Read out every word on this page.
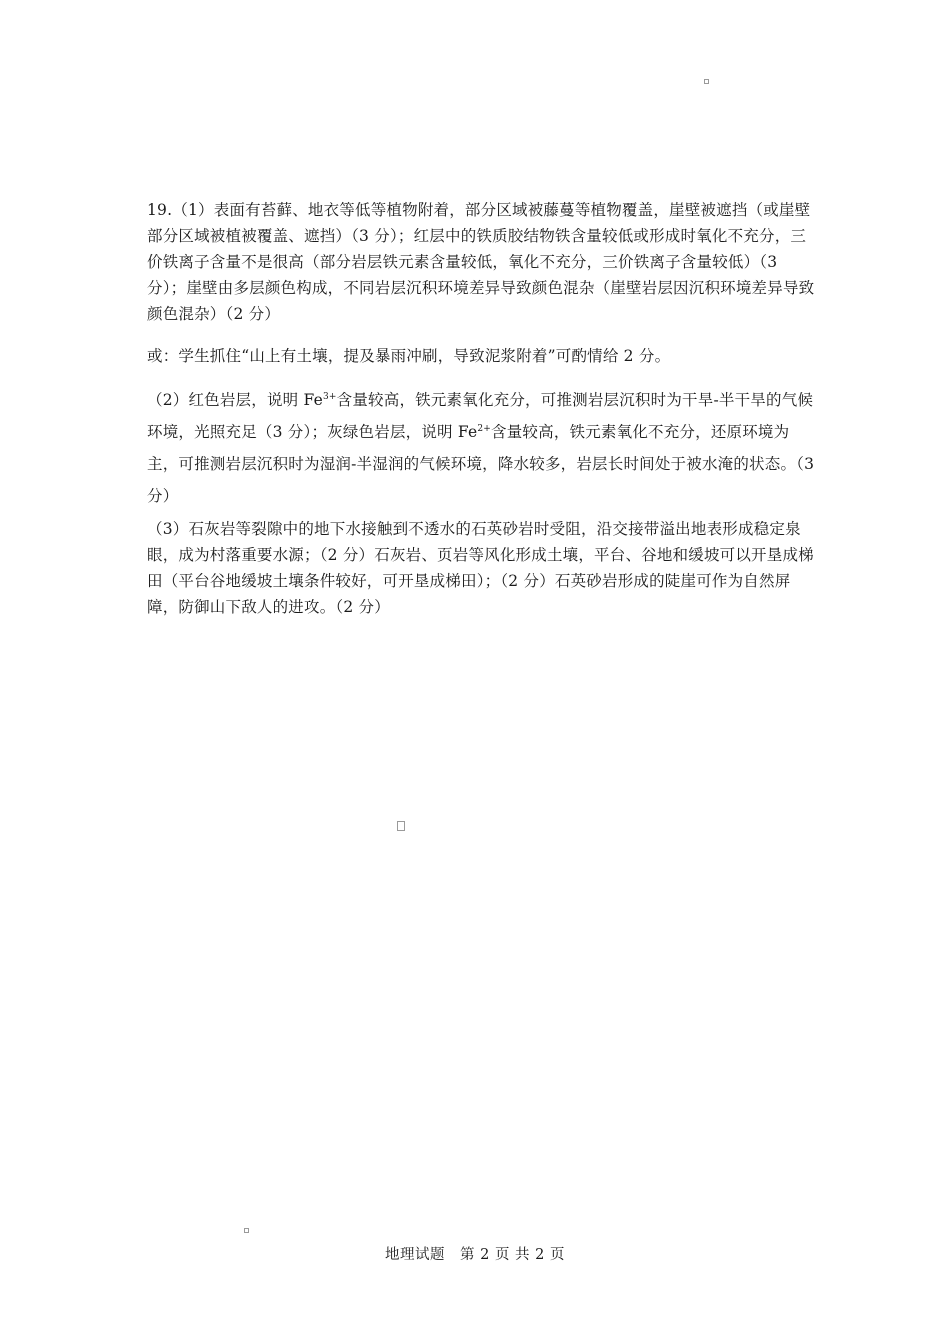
19.（1）表面有苔藓、地衣等低等植物附着，部分区域被藤蔓等植物覆盖，崖壁被遮挡（或崖壁部分区域被植被覆盖、遮挡）（3 分）；红层中的铁质胶结物铁含量较低或形成时氧化不充分，三价铁离子含量不是很高（部分岩层铁元素含量较低，氧化不充分，三价铁离子含量较低）（3 分）；崖壁由多层颜色构成，不同岩层沉积环境差异导致颜色混杂（崖壁岩层因沉积环境差异导致颜色混杂）（2 分）
或：学生抓住“山上有土壤，提及暴雨冲刷，导致泥浆附着”可酌情给 2 分。
（2）红色岩层，说明 $Fe^{3+}$含量较高，铁元素氧化充分，可推测岩层沉积时为干旱-半干旱的气候环境，光照充足（3 分）；灰绿色岩层，说明 $Fe^{2+}$含量较高，铁元素氧化不充分，还原环境为主，可推测岩层沉积时为湿润-半湿润的气候环境，降水较多，岩层长时间处于被水淹的状态。（3 分）
（3）石灰岩等裂隙中的地下水接触到不透水的石英砂岩时受阻，沿交接带溢出地表形成稳定泉眼，成为村落重要水源；（2 分）石灰岩、页岩等风化形成土壤，平台、谷地和缓坡可以开垦成梯田（平台谷地缓坡土壤条件较好，可开垦成梯田）；（2 分）石英砂岩形成的陡崖可作为自然屏障，防御山下敌人的进攻。（2 分）
地理试题　第 2 页 共 2 页
